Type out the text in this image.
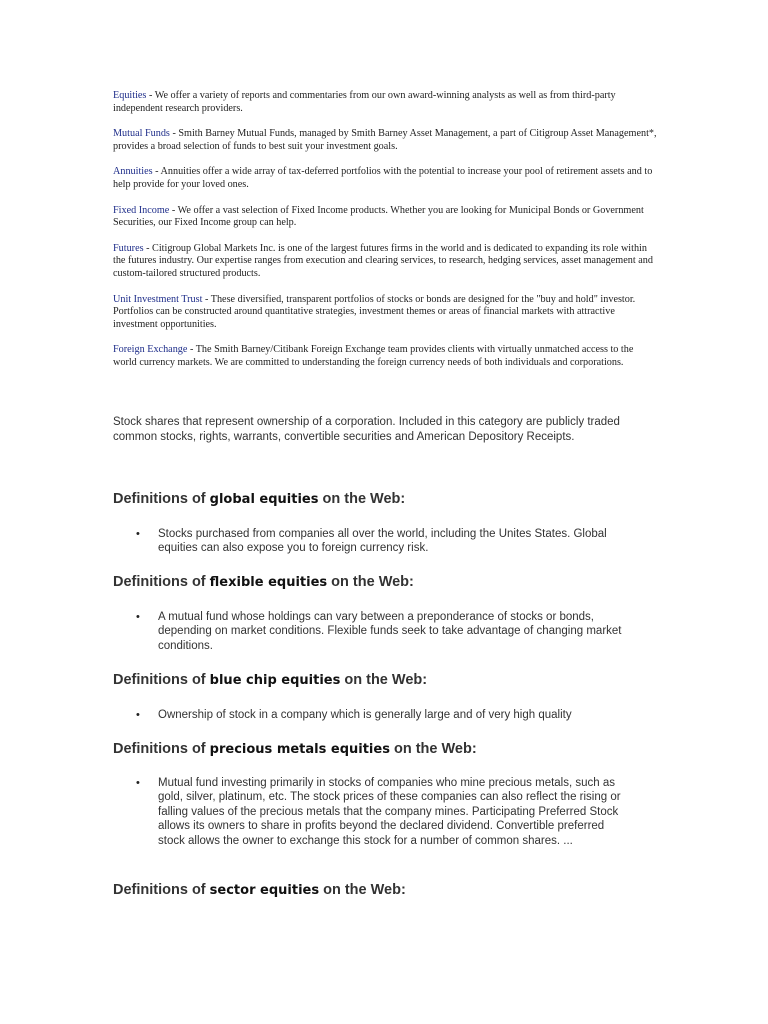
Equities - We offer a variety of reports and commentaries from our own award-winning analysts as well as from third-party independent research providers.

Mutual Funds - Smith Barney Mutual Funds, managed by Smith Barney Asset Management, a part of Citigroup Asset Management*, provides a broad selection of funds to best suit your investment goals.

Annuities - Annuities offer a wide array of tax-deferred portfolios with the potential to increase your pool of retirement assets and to help provide for your loved ones.

Fixed Income - We offer a vast selection of Fixed Income products. Whether you are looking for Municipal Bonds or Government Securities, our Fixed Income group can help.

Futures - Citigroup Global Markets Inc. is one of the largest futures firms in the world and is dedicated to expanding its role within the futures industry. Our expertise ranges from execution and clearing services, to research, hedging services, asset management and custom-tailored structured products.

Unit Investment Trust - These diversified, transparent portfolios of stocks or bonds are designed for the "buy and hold" investor. Portfolios can be constructed around quantitative strategies, investment themes or areas of financial markets with attractive investment opportunities.

Foreign Exchange - The Smith Barney/Citibank Foreign Exchange team provides clients with virtually unmatched access to the world currency markets. We are committed to understanding the foreign currency needs of both individuals and corporations.

Stock shares that represent ownership of a corporation. Included in this category are publicly traded common stocks, rights, warrants, convertible securities and American Depository Receipts.

Definitions of global equities on the Web:
• Stocks purchased from companies all over the world, including the Unites States. Global equities can also expose you to foreign currency risk.
Definitions of flexible equities on the Web:
• A mutual fund whose holdings can vary between a preponderance of stocks or bonds, depending on market conditions. Flexible funds seek to take advantage of changing market conditions.
Definitions of blue chip equities on the Web:
• Ownership of stock in a company which is generally large and of very high quality
Definitions of precious metals equities on the Web:
• Mutual fund investing primarily in stocks of companies who mine precious metals, such as gold, silver, platinum, etc. The stock prices of these companies can also reflect the rising or falling values of the precious metals that the company mines. Participating Preferred Stock allows its owners to share in profits beyond the declared dividend. Convertible preferred stock allows the owner to exchange this stock for a number of common shares. ...
Definitions of sector equities on the Web:
